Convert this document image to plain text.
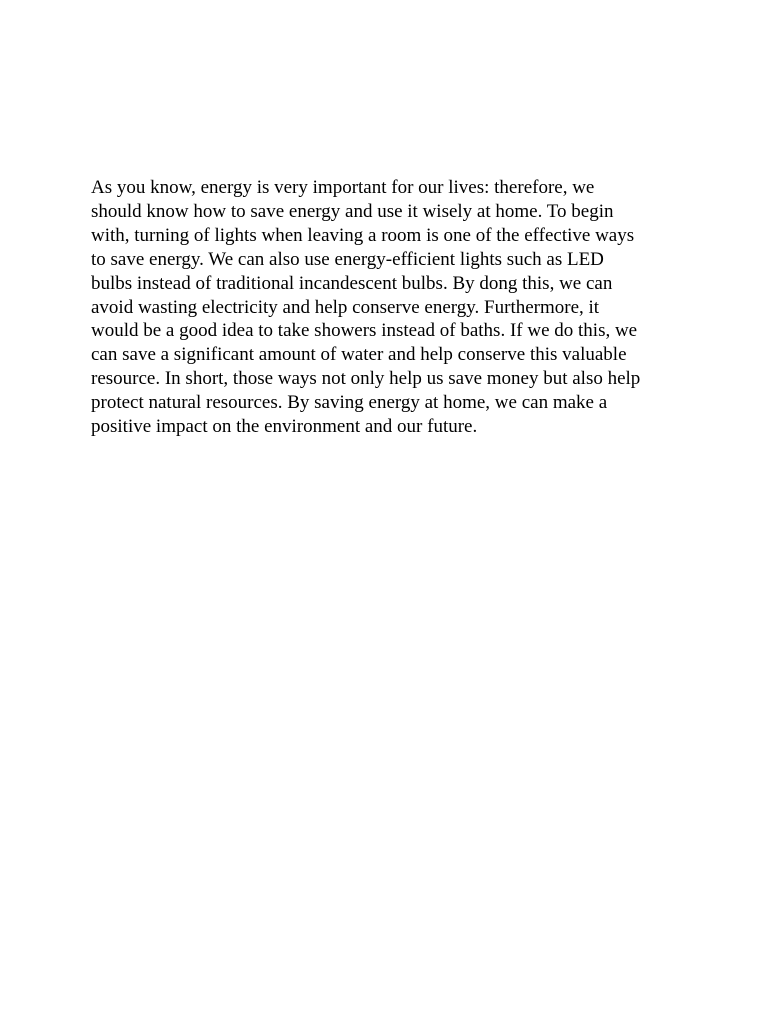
As you know, energy is very important for our lives: therefore, we
should know how to save energy and use it wisely at home. To begin
with, turning of lights when leaving a room is one of the effective ways
to save energy. We can also use energy-efficient lights such as LED
bulbs instead of traditional incandescent bulbs. By dong this, we can
avoid wasting electricity and help conserve energy. Furthermore, it
would be a good idea to take showers instead of baths. If we do this, we
can save a significant amount of water and help conserve this valuable
resource. In short, those ways not only help us save money but also help
protect natural resources. By saving energy at home, we can make a
positive impact on the environment and our future.
